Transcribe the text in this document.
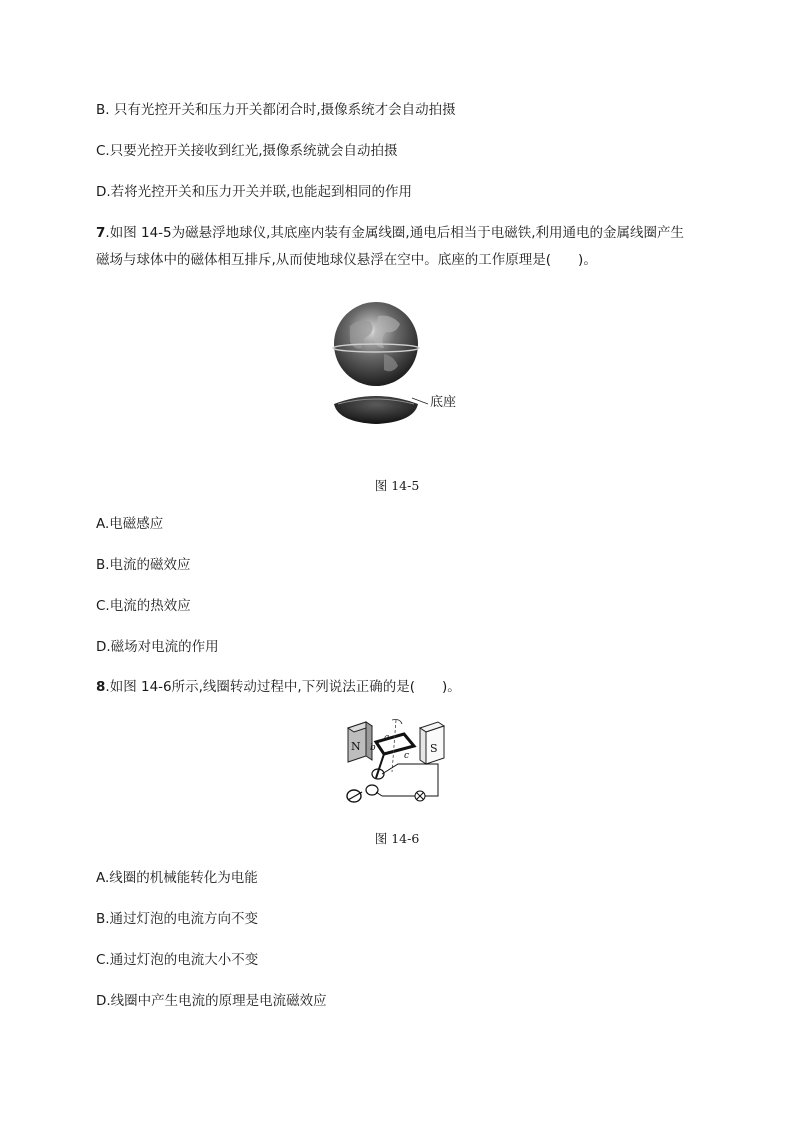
B. 只有光控开关和压力开关都闭合时,摄像系统才会自动拍摄
C.只要光控开关接收到红光,摄像系统就会自动拍摄
D.若将光控开关和压力开关并联,也能起到相同的作用
7.如图 14-5为磁悬浮地球仪,其底座内装有金属线圈,通电后相当于电磁铁,利用通电的金属线圈产生
磁场与球体中的磁体相互排斥,从而使地球仪悬浮在空中。底座的工作原理是(　　)。
底座
图 14-5
A.电磁感应
B.电流的磁效应
C.电流的热效应
D.磁场对电流的作用
8.如图 14-6所示,线圈转动过程中,下列说法正确的是(　　)。
N	S
a
b
c
图 14-6
A.线圈的机械能转化为电能
B.通过灯泡的电流方向不变
C.通过灯泡的电流大小不变
D.线圈中产生电流的原理是电流磁效应
